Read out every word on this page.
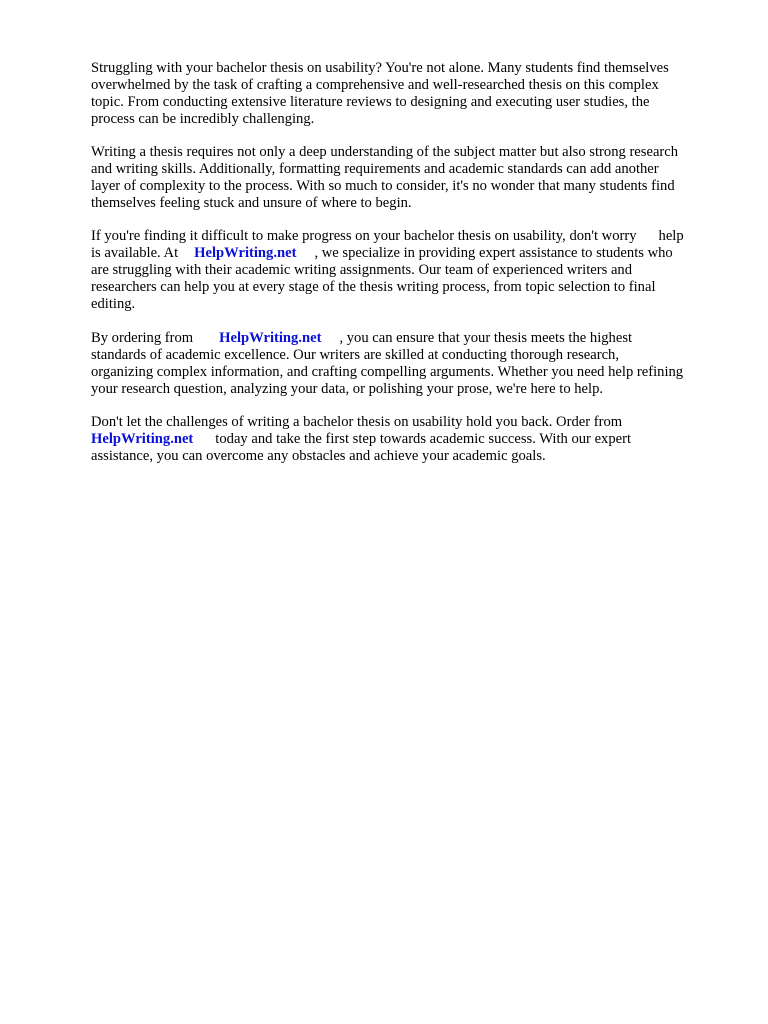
Struggling with your bachelor thesis on usability? You're not alone. Many students find themselves
overwhelmed by the task of crafting a comprehensive and well-researched thesis on this complex
topic. From conducting extensive literature reviews to designing and executing user studies, the
process can be incredibly challenging.

Writing a thesis requires not only a deep understanding of the subject matter but also strong research
and writing skills. Additionally, formatting requirements and academic standards can add another
layer of complexity to the process. With so much to consider, it's no wonder that many students find
themselves feeling stuck and unsure of where to begin.

If you're finding it difficult to make progress on your bachelor thesis on usability, don't worry help
is available. At HelpWriting.net , we specialize in providing expert assistance to students who
are struggling with their academic writing assignments. Our team of experienced writers and
researchers can help you at every stage of the thesis writing process, from topic selection to final
editing.

By ordering from HelpWriting.net , you can ensure that your thesis meets the highest
standards of academic excellence. Our writers are skilled at conducting thorough research,
organizing complex information, and crafting compelling arguments. Whether you need help refining
your research question, analyzing your data, or polishing your prose, we're here to help.

Don't let the challenges of writing a bachelor thesis on usability hold you back. Order from
HelpWriting.net today and take the first step towards academic success. With our expert
assistance, you can overcome any obstacles and achieve your academic goals.
